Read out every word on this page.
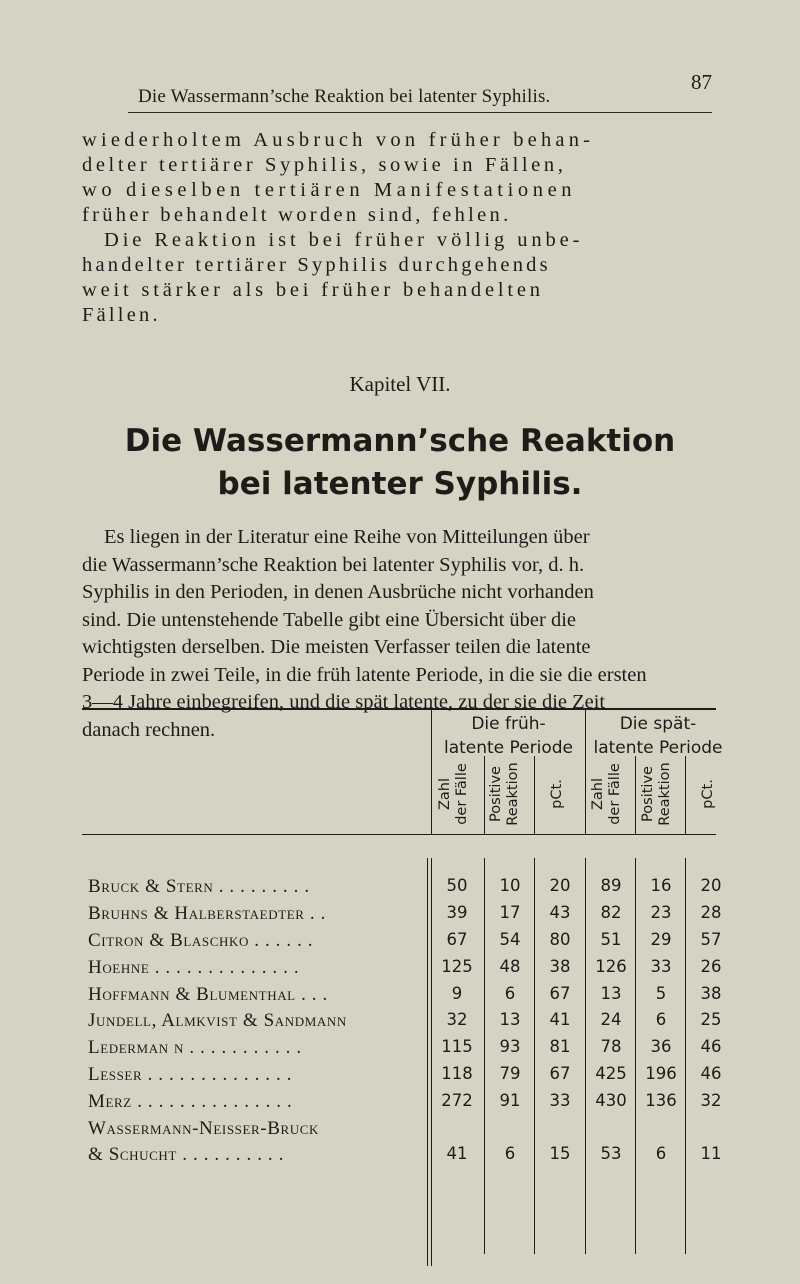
Die Wassermann’sche Reaktion bei latenter Syphilis.
87
wiederholtem Ausbruch von früher behan-
delter tertiärer Syphilis, sowie in Fällen,
wo dieselben tertiären Manifestationen
früher behandelt worden sind, fehlen.
Die Reaktion ist bei früher völlig unbe-
handelter tertiärer Syphilis durchgehends
weit stärker als bei früher behandelten
Fällen.
Kapitel VII.
Die Wassermann’sche Reaktion
bei latenter Syphilis.
Es liegen in der Literatur eine Reihe von Mitteilungen über
die Wassermann’sche Reaktion bei latenter Syphilis vor, d. h.
Syphilis in den Perioden, in denen Ausbrüche nicht vorhanden
sind. Die untenstehende Tabelle gibt eine Übersicht über die
wichtigsten derselben. Die meisten Verfasser teilen die latente
Periode in zwei Teile, in die früh latente Periode, in die sie die ersten
3—4 Jahre einbegreifen, und die spät latente, zu der sie die Zeit
danach rechnen.	Die früh-
latente Periode
Die spät-
latente Periode
Zahl der Fälle Positive Reaktion pCt. Zahl der Fälle Positive Reaktion pCt.
Bruck & Stern . . . . . . . . .	50	10	20	89	16	20
Bruhns & Halberstaedter . .	39	17	43	82	23	28
Citron & Blaschko . . . . . .	67	54	80	51	29	57
Hoehne . . . . . . . . . . . . . .	125	48	38	126	33	26
Hoffmann & Blumenthal . . .	9	6	67	13	5	38
Jundell, Almkvist & Sandmann	32	13	41	24	6	25
Lederman n . . . . . . . . . . .	115	93	81	78	36	46
Lesser . . . . . . . . . . . . . .	118	79	67	425	196	46
Merz . . . . . . . . . . . . . . .	272	91	33	430	136	32
Wassermann-Neisser-Bruck
& Schucht . . . . . . . . . .	41	6	15	53	6	11
